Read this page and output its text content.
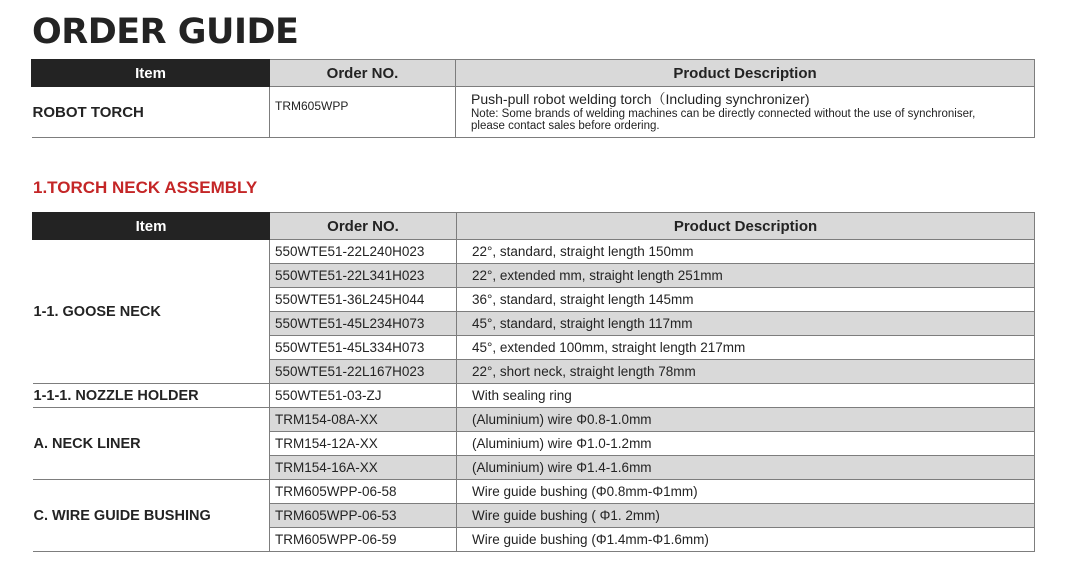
ORDER GUIDE
Item	Order NO.	Product Description
ROBOT TORCH	TRM605WPP	Push-pull robot welding torch（Including synchronizer)
Note: Some brands of welding machines can be directly connected without the use of synchroniser,
please contact sales before ordering.
1.TORCH NECK ASSEMBLY
Item	Order NO.	Product Description
1-1. GOOSE NECK	550WTE51-22L240H023	22°, standard, straight length 150mm
	550WTE51-22L341H023	22°, extended mm, straight length 251mm
	550WTE51-36L245H044	36°, standard, straight length 145mm
	550WTE51-45L234H073	45°, standard, straight length 117mm
	550WTE51-45L334H073	45°, extended 100mm, straight length 217mm
	550WTE51-22L167H023	22°, short neck, straight length 78mm
1-1-1. NOZZLE HOLDER	550WTE51-03-ZJ	With sealing ring
A. NECK LINER	TRM154-08A-XX	(Aluminium) wire Φ0.8-1.0mm
	TRM154-12A-XX	(Aluminium) wire Φ1.0-1.2mm
	TRM154-16A-XX	(Aluminium) wire Φ1.4-1.6mm
C. WIRE GUIDE BUSHING	TRM605WPP-06-58	Wire guide bushing (Φ0.8mm-Φ1mm)
	TRM605WPP-06-53	Wire guide bushing ( Φ1. 2mm)
	TRM605WPP-06-59	Wire guide bushing (Φ1.4mm-Φ1.6mm)
